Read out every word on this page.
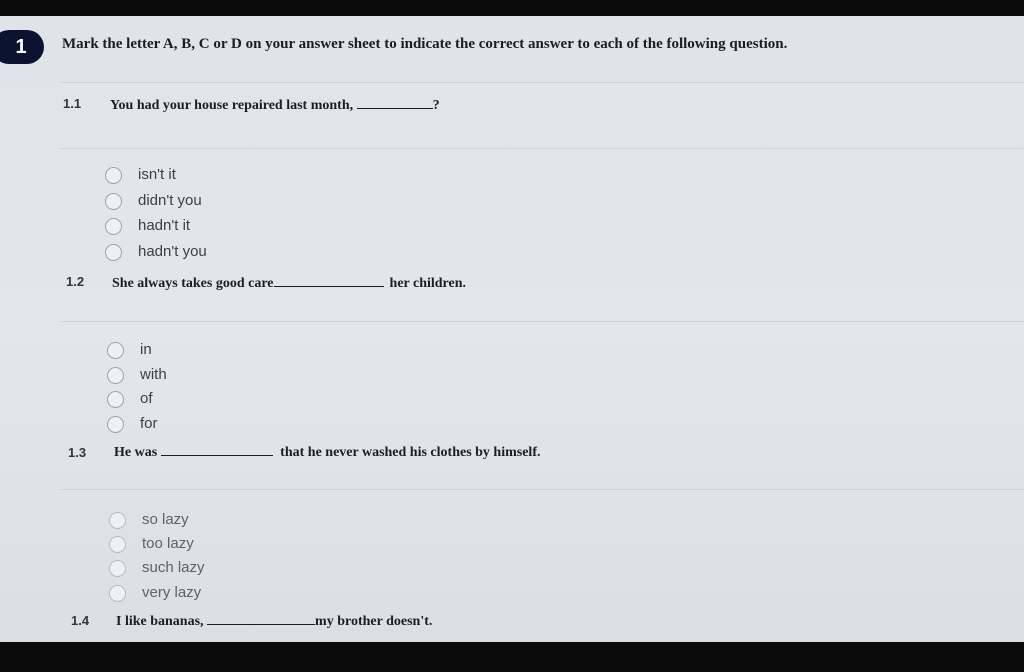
1	Mark the letter A, B, C or D on your answer sheet to indicate the correct answer to each of the following question.
1.1 You had your house repaired last month,	?
isn't it
didn't you
hadn't it
hadn't you
1.2 She always takes good care	her children.
in
with
of
for
1.3 He was	that he never washed his clothes by himself.
so lazy
too lazy
such lazy
very lazy
1.4 I like bananas,	my brother doesn't.
